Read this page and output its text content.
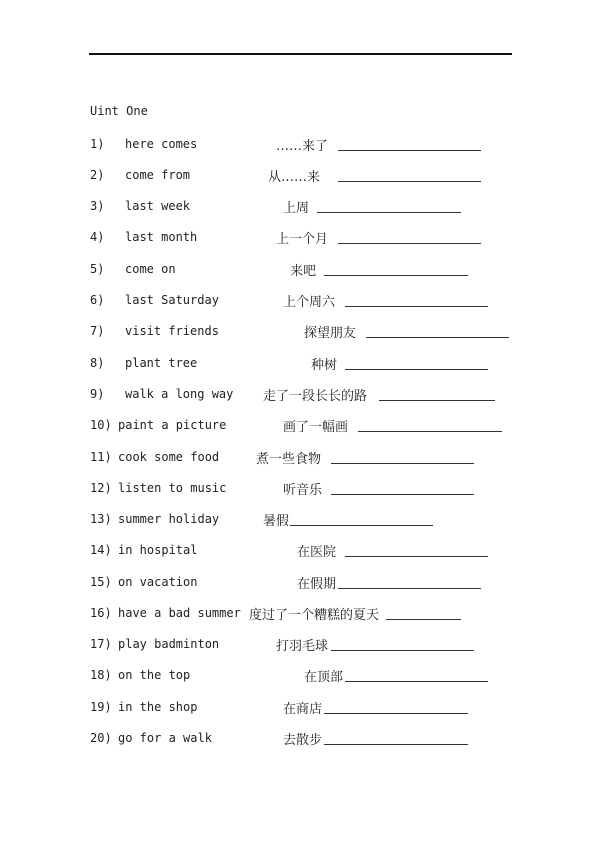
Uint One
1) here comes	……来了
2) come from	从……来
3) last week	上周
4) last month	上一个月
5) come on	来吧
6) last Saturday	上个周六
7) visit friends	探望朋友
8) plant tree	种树
9) walk a long way 走了一段长长的路
10) paint a picture	画了一幅画
11) cook some food	煮一些食物
12) listen to music	听音乐
13) summer holiday	暑假
14) in hospital	在医院
15) on vacation	在假期
16) have a bad summer 度过了一个糟糕的夏天
17) play badminton	打羽毛球
18) on the top	在顶部
19) in the shop	在商店
20) go for a walk	去散步
